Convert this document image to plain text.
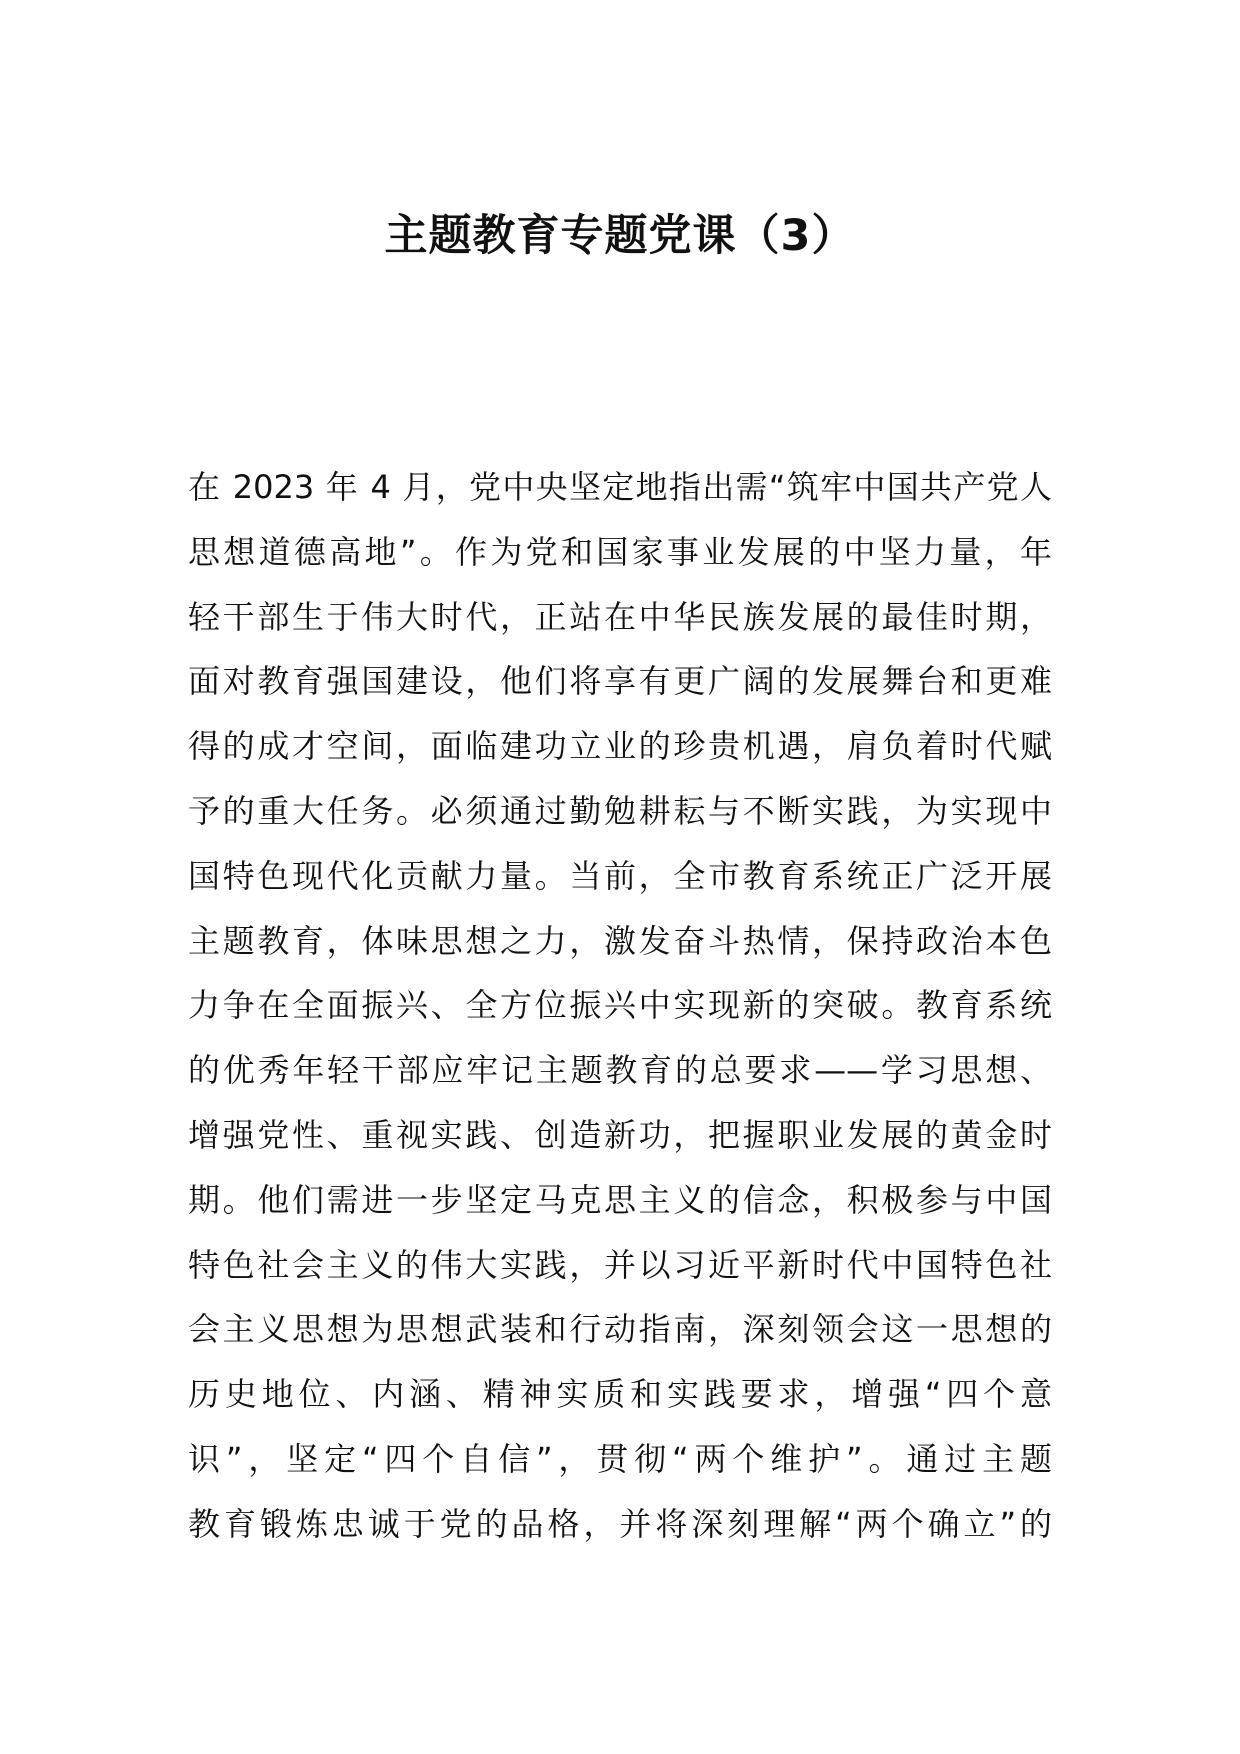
主题教育专题党课（3）
在 2023 年 4 月，党中央坚定地指出需“筑牢中国共产党人
思想道德高地”。作为党和国家事业发展的中坚力量，年
轻干部生于伟大时代，正站在中华民族发展的最佳时期，
面对教育强国建设，他们将享有更广阔的发展舞台和更难
得的成才空间，面临建功立业的珍贵机遇，肩负着时代赋
予的重大任务。必须通过勤勉耕耘与不断实践，为实现中
国特色现代化贡献力量。当前，全市教育系统正广泛开展
主题教育，体味思想之力，激发奋斗热情，保持政治本色
力争在全面振兴、全方位振兴中实现新的突破。教育系统
的优秀年轻干部应牢记主题教育的总要求——学习思想、
增强党性、重视实践、创造新功，把握职业发展的黄金时
期。他们需进一步坚定马克思主义的信念，积极参与中国
特色社会主义的伟大实践，并以习近平新时代中国特色社
会主义思想为思想武装和行动指南，深刻领会这一思想的
历史地位、内涵、精神实质和实践要求，增强“四个意
识”，坚定“四个自信”，贯彻“两个维护”。通过主题
教育锻炼忠诚于党的品格，并将深刻理解“两个确立”的
